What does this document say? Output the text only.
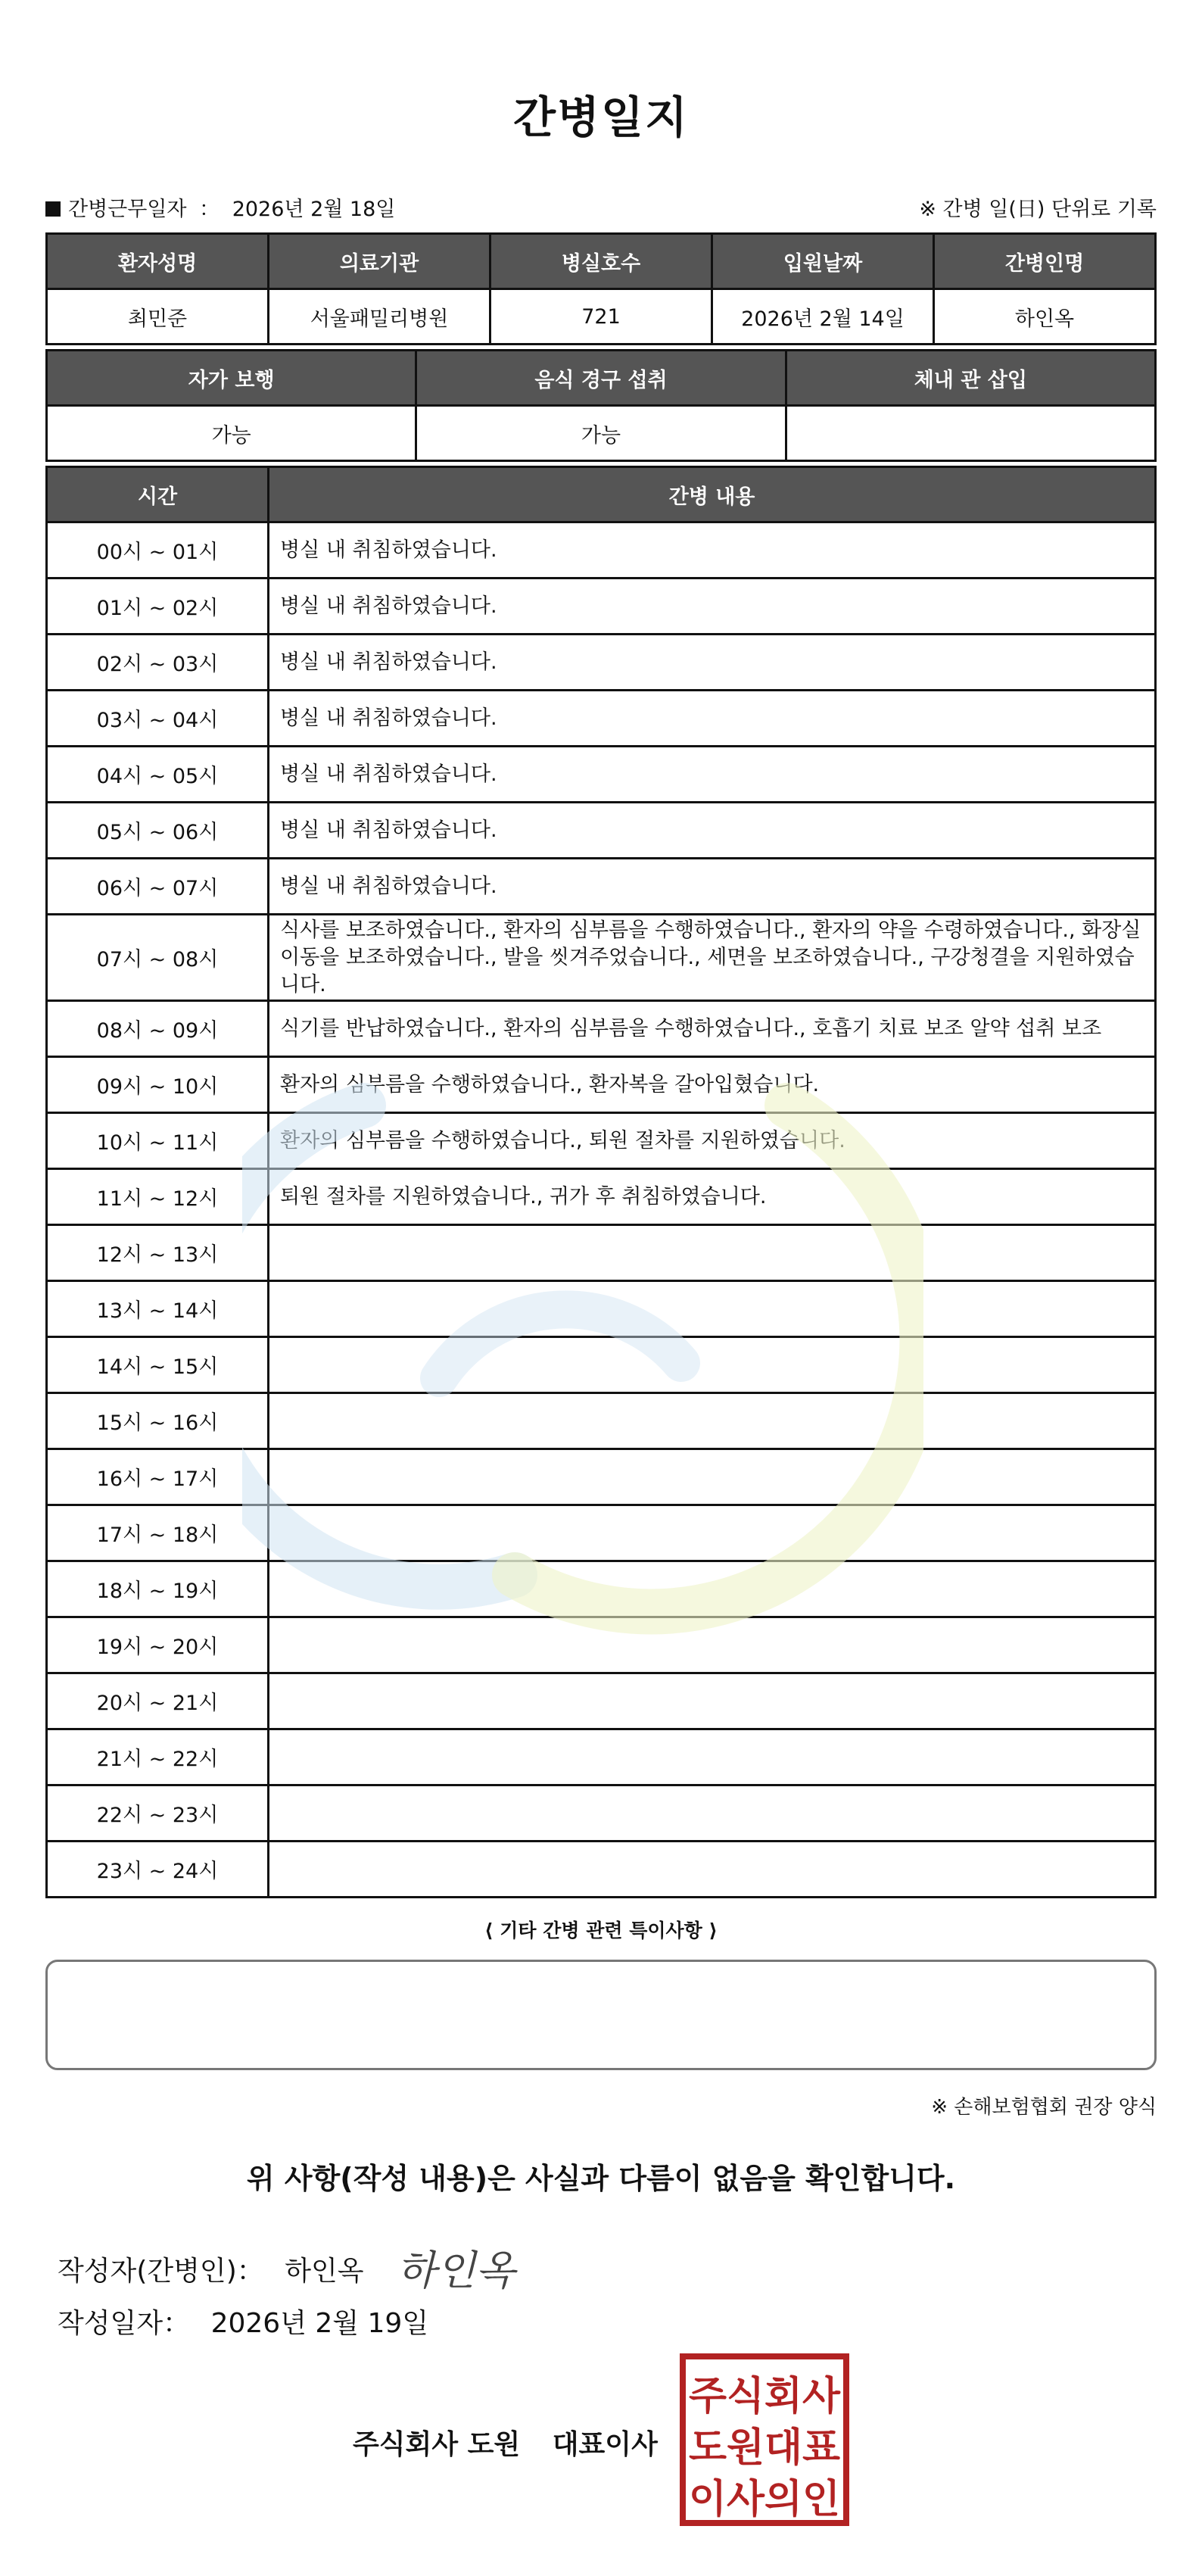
간병일지
간병근무일자 ： 2026년 2월 18일	※ 간병 일(日) 단위로 기록
환자성명	의료기관	병실호수	입원날짜	간병인명
최민준	서울패밀리병원	721	2026년 2월 14일	하인옥
자가 보행	음식 경구 섭취	체내 관 삽입
가능	가능	
시간	간병 내용
00시 ~ 01시	병실 내 취침하였습니다.
01시 ~ 02시	병실 내 취침하였습니다.
02시 ~ 03시	병실 내 취침하였습니다.
03시 ~ 04시	병실 내 취침하였습니다.
04시 ~ 05시	병실 내 취침하였습니다.
05시 ~ 06시	병실 내 취침하였습니다.
06시 ~ 07시	병실 내 취침하였습니다.
07시 ~ 08시	식사를 보조하였습니다., 환자의 심부름을 수행하였습니다., 환자의 약을 수령하였습니다., 화장실 이동을 보조하였습니다., 발을 씻겨주었습니다., 세면을 보조하였습니다., 구강청결을 지원하였습니다.
08시 ~ 09시	식기를 반납하였습니다., 환자의 심부름을 수행하였습니다., 호흡기 치료 보조 알약 섭취 보조
09시 ~ 10시	환자의 심부름을 수행하였습니다., 환자복을 갈아입혔습니다.
10시 ~ 11시	환자의 심부름을 수행하였습니다., 퇴원 절차를 지원하였습니다.
11시 ~ 12시	퇴원 절차를 지원하였습니다., 귀가 후 취침하였습니다.
12시 ~ 13시	
13시 ~ 14시	
14시 ~ 15시	
15시 ~ 16시	
16시 ~ 17시	
17시 ~ 18시	
18시 ~ 19시	
19시 ~ 20시	
20시 ~ 21시	
21시 ~ 22시	
22시 ~ 23시	
23시 ~ 24시	
⟨ 기타 간병 관련 특이사항 ⟩
※ 손해보험협회 권장 양식
위 사항(작성 내용)은 사실과 다름이 없음을 확인합니다.
작성자(간병인)： 하인옥 하인옥
작성일자： 2026년 2월 19일
주식회사 도원 대표이사
주식회사
도원대표
이사의인
